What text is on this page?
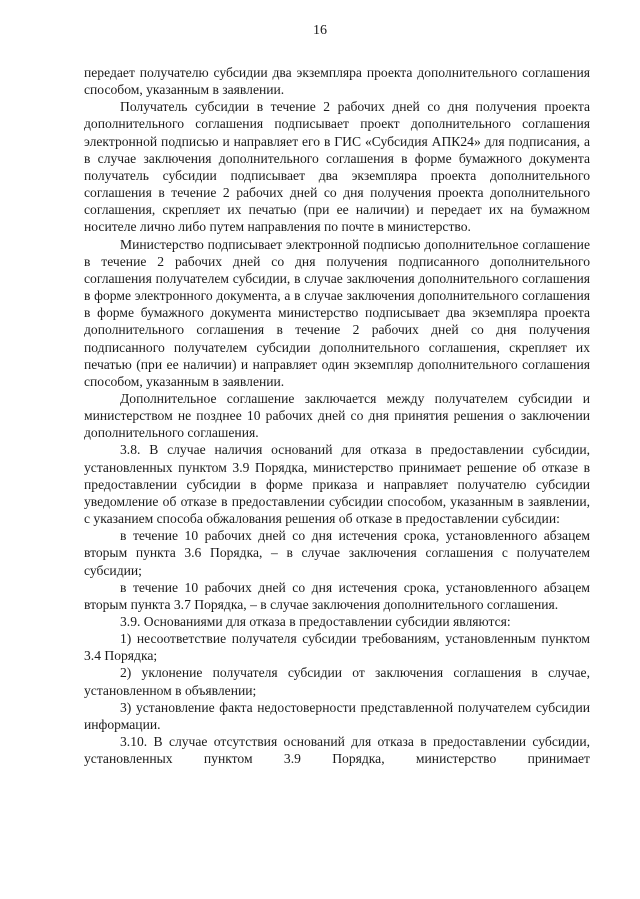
16

передает получателю субсидии два экземпляра проекта дополнительного соглашения способом, указанным в заявлении.

Получатель субсидии в течение 2 рабочих дней со дня получения проекта дополнительного соглашения подписывает проект дополнительного соглашения электронной подписью и направляет его в ГИС «Субсидия АПК24» для подписания, а в случае заключения дополнительного соглашения в форме бумажного документа получатель субсидии подписывает два экземпляра проекта дополнительного соглашения в течение 2 рабочих дней со дня получения проекта дополнительного соглашения, скрепляет их печатью (при ее наличии) и передает их на бумажном носителе лично либо путем направления по почте в министерство.

Министерство подписывает электронной подписью дополнительное соглашение в течение 2 рабочих дней со дня получения подписанного дополнительного соглашения получателем субсидии, в случае заключения дополнительного соглашения в форме электронного документа, а в случае заключения дополнительного соглашения в форме бумажного документа министерство подписывает два экземпляра проекта дополнительного соглашения в течение 2 рабочих дней со дня получения подписанного получателем субсидии дополнительного соглашения, скрепляет их печатью (при ее наличии) и направляет один экземпляр дополнительного соглашения способом, указанным в заявлении.

Дополнительное соглашение заключается между получателем субсидии и министерством не позднее 10 рабочих дней со дня принятия решения о заключении дополнительного соглашения.

3.8. В случае наличия оснований для отказа в предоставлении субсидии, установленных пунктом 3.9 Порядка, министерство принимает решение об отказе в предоставлении субсидии в форме приказа и направляет получателю субсидии уведомление об отказе в предоставлении субсидии способом, указанным в заявлении, с указанием способа обжалования решения об отказе в предоставлении субсидии:

в течение 10 рабочих дней со дня истечения срока, установленного абзацем вторым пункта 3.6 Порядка, – в случае заключения соглашения с получателем субсидии;

в течение 10 рабочих дней со дня истечения срока, установленного абзацем вторым пункта 3.7 Порядка, – в случае заключения дополнительного соглашения.

3.9. Основаниями для отказа в предоставлении субсидии являются:

1) несоответствие получателя субсидии требованиям, установленным пунктом 3.4 Порядка;

2) уклонение получателя субсидии от заключения соглашения в случае, установленном в объявлении;

3) установление факта недостоверности представленной получателем субсидии информации.

3.10. В случае отсутствия оснований для отказа в предоставлении субсидии, установленных пунктом 3.9 Порядка, министерство принимает
